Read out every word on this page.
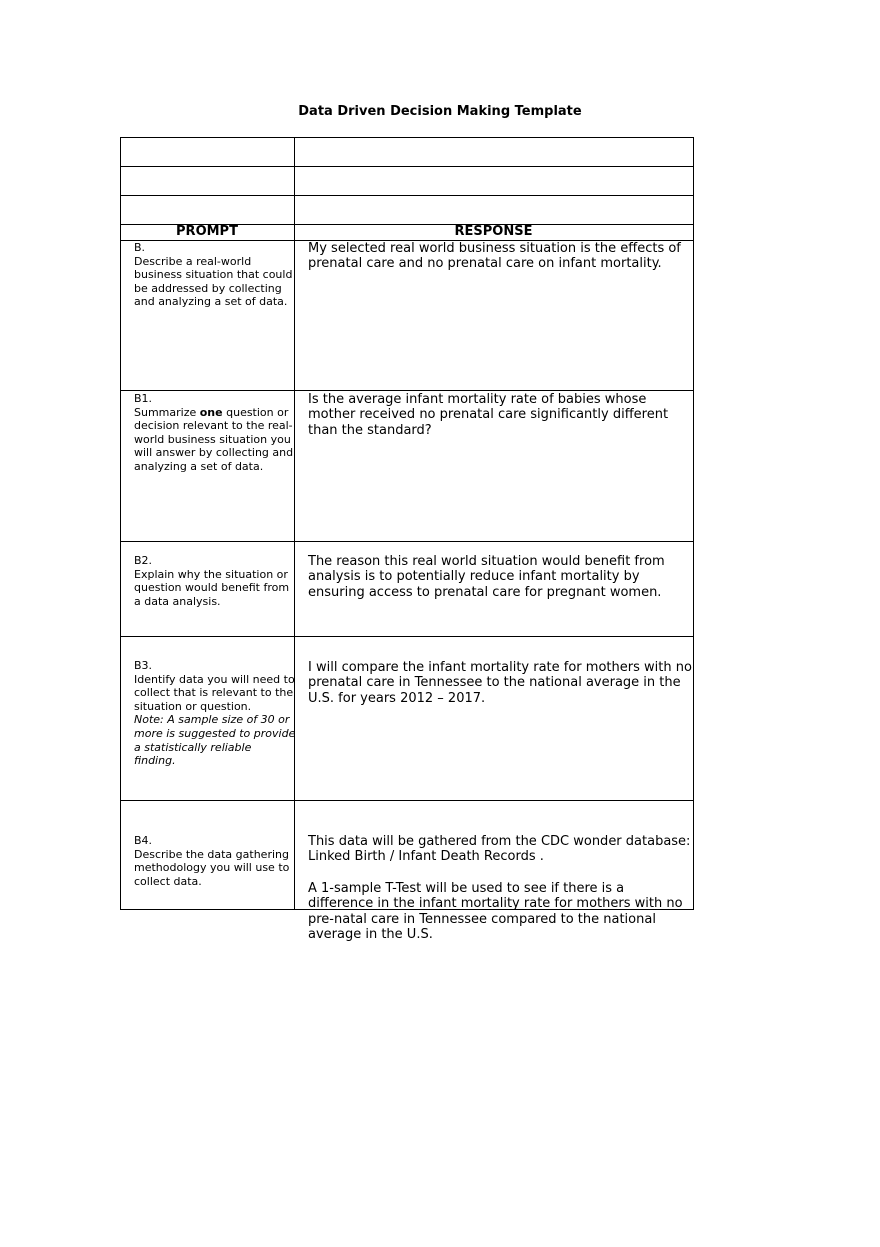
Data Driven Decision Making Template
PROMPT	RESPONSE
B.
Describe a real-world business situation that could be addressed by collecting and analyzing a set of data.
My selected real world business situation is the effects of prenatal care and no prenatal care on infant mortality.
B1.
Summarize one question or decision relevant to the real-world business situation you will answer by collecting and analyzing a set of data.
Is the average infant mortality rate of babies whose mother received no prenatal care significantly different than the standard?
B2.
Explain why the situation or question would benefit from a data analysis.
The reason this real world situation would benefit from analysis is to potentially reduce infant mortality by ensuring access to prenatal care for pregnant women.
B3.
Identify data you will need to collect that is relevant to the situation or question.
Note: A sample size of 30 or more is suggested to provide a statistically reliable finding.
I will compare the infant mortality rate for mothers with no prenatal care in Tennessee to the national average in the U.S. for years 2012 – 2017.
B4.
Describe the data gathering methodology you will use to collect data.
This data will be gathered from the CDC wonder database: Linked Birth / Infant Death Records .
A 1-sample T-Test will be used to see if there is a difference in the infant mortality rate for mothers with no pre-natal care in Tennessee compared to the national average in the U.S.
